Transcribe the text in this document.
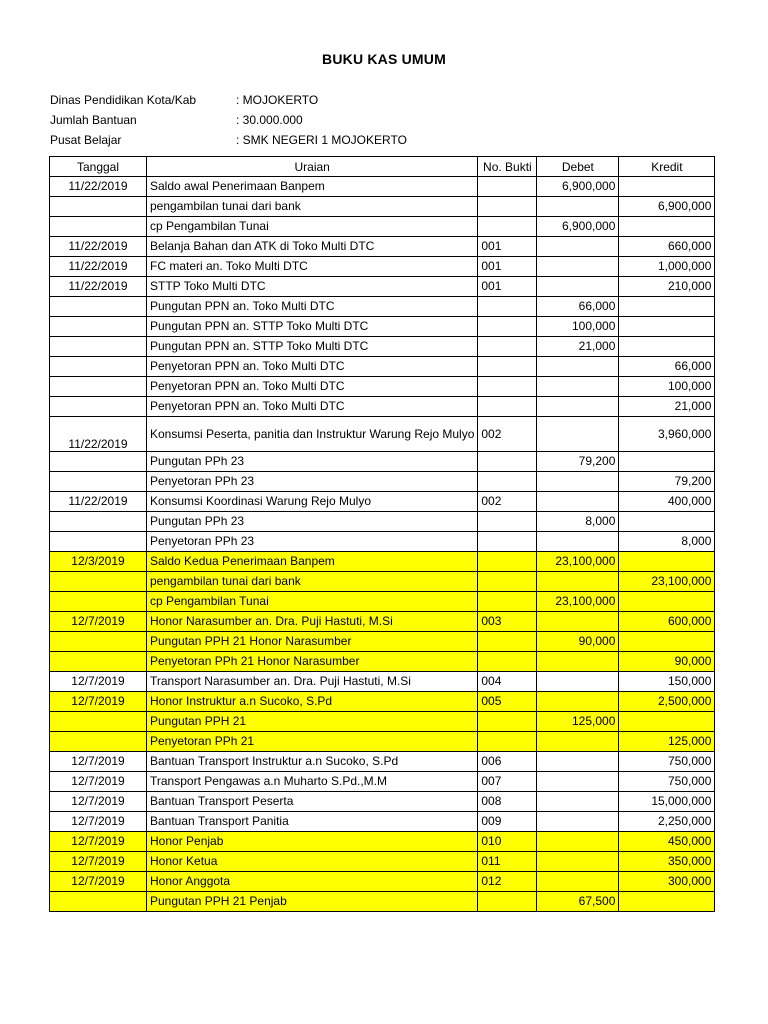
BUKU KAS UMUM
Dinas Pendidikan Kota/Kab	: MOJOKERTO
Jumlah Bantuan	: 30.000.000
Pusat Belajar	: SMK NEGERI 1 MOJOKERTO
Tanggal	Uraian	No. Bukti	Debet	Kredit
11/22/2019	Saldo awal Penerimaan Banpem		6,900,000	
	pengambilan tunai dari bank			6,900,000
	cp Pengambilan Tunai		6,900,000	
11/22/2019	Belanja Bahan dan ATK di Toko Multi DTC	001		660,000
11/22/2019	FC materi an. Toko Multi DTC	001		1,000,000
11/22/2019	STTP Toko Multi DTC	001		210,000
	Pungutan PPN an. Toko Multi DTC		66,000	
	Pungutan PPN an. STTP Toko Multi DTC		100,000	
	Pungutan PPN an. STTP Toko Multi DTC		21,000	
	Penyetoran PPN an. Toko Multi DTC			66,000
	Penyetoran PPN an. Toko Multi DTC			100,000
	Penyetoran PPN an. Toko Multi DTC			21,000
11/22/2019	Konsumsi Peserta, panitia dan Instruktur Warung Rejo Mulyo	002		3,960,000
	Pungutan PPh 23		79,200	
	Penyetoran PPh 23			79,200
11/22/2019	Konsumsi Koordinasi Warung Rejo Mulyo	002		400,000
	Pungutan PPh 23		8,000	
	Penyetoran PPh 23			8,000
12/3/2019	Saldo Kedua Penerimaan Banpem		23,100,000	
	pengambilan tunai dari bank			23,100,000
	cp Pengambilan Tunai		23,100,000	
12/7/2019	Honor Narasumber an. Dra. Puji Hastuti, M.Si	003		600,000
	Pungutan PPH 21 Honor Narasumber		90,000	
	Penyetoran PPh 21 Honor Narasumber			90,000
12/7/2019	Transport Narasumber an. Dra. Puji Hastuti, M.Si	004		150,000
12/7/2019	Honor Instruktur a.n Sucoko, S.Pd	005		2,500,000
	Pungutan PPH 21		125,000	
	Penyetoran PPh 21			125,000
12/7/2019	Bantuan Transport Instruktur a.n Sucoko, S.Pd	006		750,000
12/7/2019	Transport Pengawas a.n Muharto S.Pd.,M.M	007		750,000
12/7/2019	Bantuan Transport Peserta	008		15,000,000
12/7/2019	Bantuan Transport Panitia	009		2,250,000
12/7/2019	Honor Penjab	010		450,000
12/7/2019	Honor Ketua	011		350,000
12/7/2019	Honor Anggota	012		300,000
	Pungutan PPH 21 Penjab		67,500	
